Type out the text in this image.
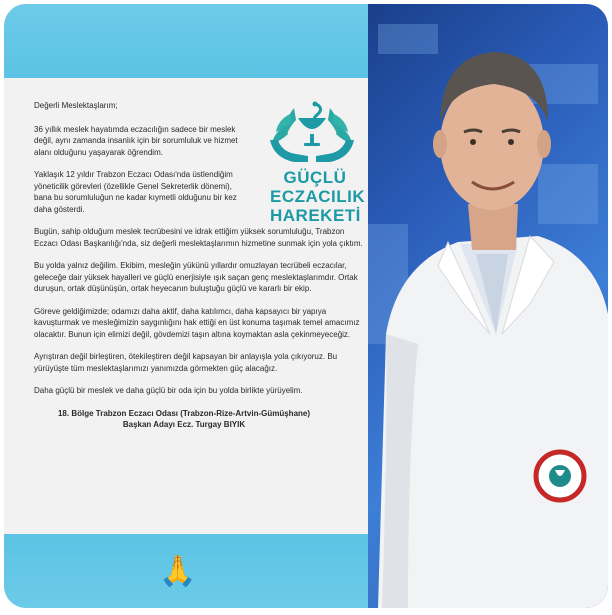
GÜÇLÜ
ECZACILIK
HAREKETİ

Değerli Meslektaşlarım;

36 yıllık meslek hayatımda eczacılığın sadece bir meslek değil, aynı zamanda insanlık için bir sorumluluk ve hizmet alanı olduğunu yaşayarak öğrendim.

Yaklaşık 12 yıldır Trabzon Eczacı Odası'nda üstlendiğim yöneticilik görevleri (özellikle Genel Sekreterlik dönemi), bana bu sorumluluğun ne kadar kıymetli olduğunu bir kez daha gösterdi.

Bugün, sahip olduğum meslek tecrübesini ve idrak ettiğim yüksek sorumluluğu, Trabzon Eczacı Odası Başkanlığı'nda, siz değerli meslektaşlarımın hizmetine sunmak için yola çıktım.

Bu yolda yalnız değilim. Ekibim, mesleğin yükünü yıllardır omuzlayan tecrübeli eczacılar, geleceğe dair yüksek hayalleri ve güçlü enerjisiyle ışık saçan genç meslektaşlarımdır. Ortak duruşun, ortak düşünüşün, ortak heyecanın buluştuğu güçlü ve kararlı bir ekip.

Göreve geldiğimizde; odamızı daha aktif, daha katılımcı, daha kapsayıcı bir yapıya kavuşturmak ve mesleğimizin saygınlığını hak ettiği en üst konuma taşımak temel amacımız olacaktır. Bunun için elimizi değil, gövdemizi taşın altına koymaktan asla çekinmeyeceğiz.

Ayrıştıran değil birleştiren, ötekileştiren değil kapsayan bir anlayışla yola çıkıyoruz. Bu yürüyüşte tüm meslektaşlarımızı yanımızda görmekten güç alacağız.

Daha güçlü bir meslek ve daha güçlü bir oda için bu yolda birlikte yürüyelim.

18. Bölge Trabzon Eczacı Odası (Trabzon-Rize-Artvin-Gümüşhane)

Başkan Adayı Ecz. Turgay BIYIK

🙏
